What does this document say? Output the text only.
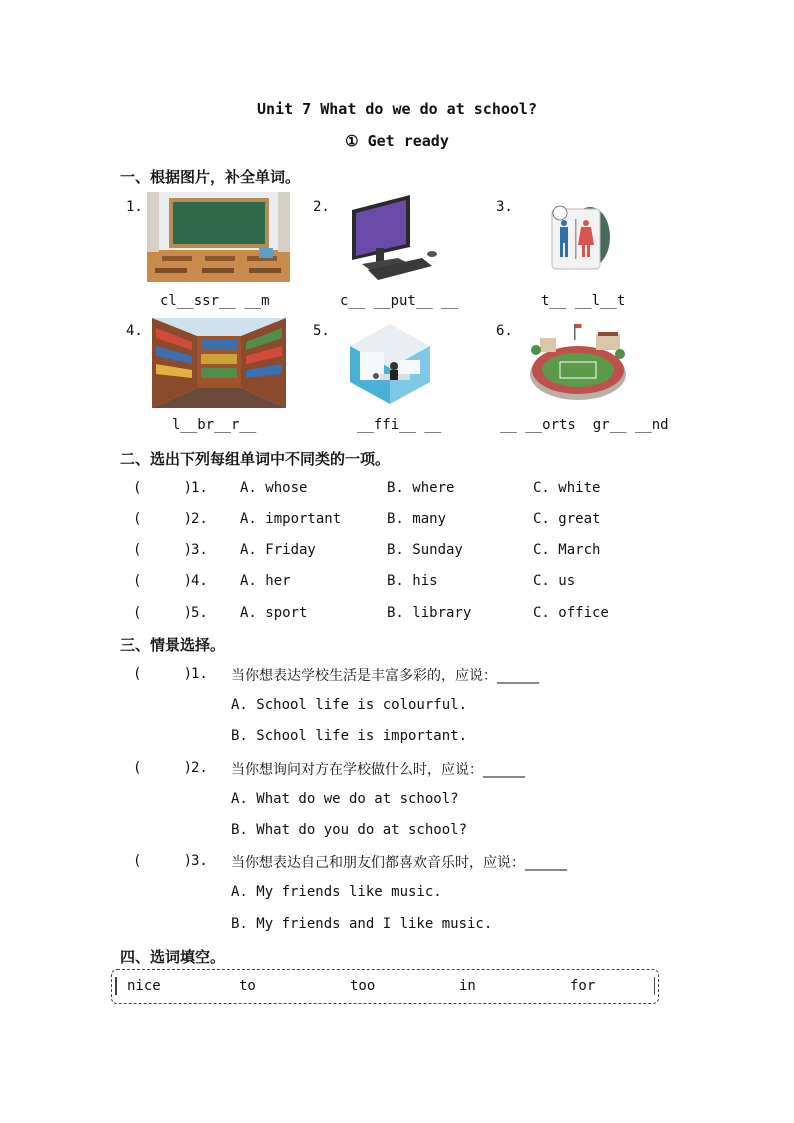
Unit 7 What do we do at school?
① Get ready
一、根据图片，补全单词。
1.	2.	3.
4.	5.	6.
cl__ssr__ __m	c__ __put__ __	t__ __l__t
l__br__r__	__ffi__ __	__ __orts  gr__ __nd
二、选出下列每组单词中不同类的一项。
(     )
1. A. whose	B. where	C. white
(     )
2. A. important	B. many	C. great
(     )
3. A. Friday	B. Sunday	C. March
(     )
4. A. her	B. his	C. us
(     )
5. A. sport	B. library	C. office
三、情景选择。
(     )
1. 当你想表达学校生活是丰富多彩的，应说：______
A. School life is colourful.
B. School life is important.
(     )
2. 当你想询问对方在学校做什么时，应说：______
A. What do we do at school?
B. What do you do at school?
(     )
3. 当你想表达自己和朋友们都喜欢音乐时，应说：______
A. My friends like music.
B. My friends and I like music.
四、选词填空。
nice	to	too	in	for
